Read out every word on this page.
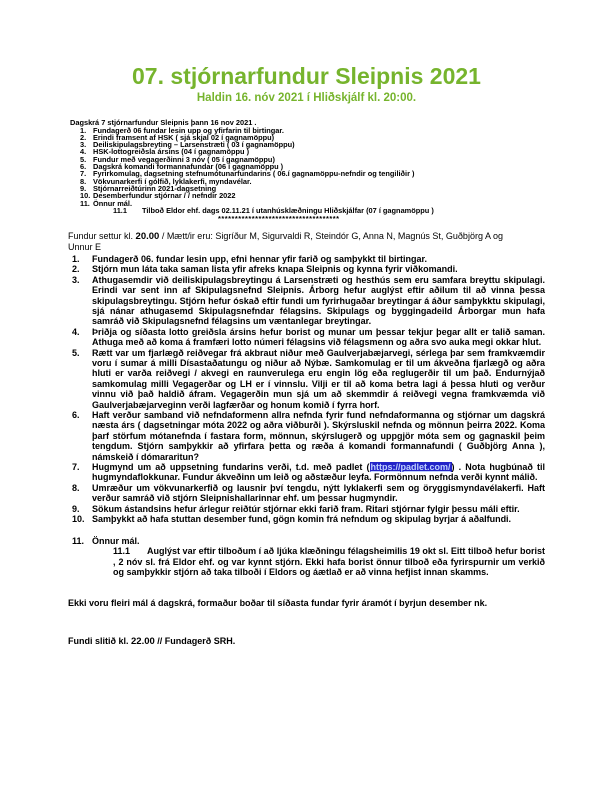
07. stjórnarfundur Sleipnis 2021
Haldin 16. nóv 2021 í Hliðskjálf kl. 20:00.
Dagskrá 7 stjórnarfundur Sleipnis þann 16 nov 2021 .
1. Fundagerð 06 fundar lesin upp og yfirfarin til birtingar.
2. Erindi framsent af HSK ( sjá skjal 02 í gagnamöppu)
3. Deiliskipulagsbreyting – Larsenstræti ( 03 í gagnamöppu)
4. HSK-lottogreiðsla ársins (04 í gagnamöppu )
5. Fundur með vegagerðinni 3 nóv ( 05 í gagnamöppu)
6. Dagskrá komandi formannafundar (06 í gagnamöppu )
7. Fyrirkomulag, dagsetning stefnumótunarfundarins ( 06.í gagnamöppu-nefndir og tengiliðir )
8. Vökvunarkerfi í gólfið, lyklakerfi, myndavélar.
9. Stjórnarreiðtúrinn 2021-dagsetning
10. Desemberfundur stjórnar / / nefndir 2022
11. Önnur mál.
11.1 Tilboð Eldor ehf. dags 02.11.21 í utanhúsklæðningu Hliðskjálfar (07 í gagnamöppu )
************************************
Fundur settur kl. 20.00 / Mætt/ir eru: Sigríður M, Sigurvaldi R, Steindór G, Anna N, Magnús St, Guðbjörg A og
Unnur E
1.	Fundagerð 06. fundar lesin upp, efni hennar yfir farið og samþykkt til birtingar.
2.	Stjórn mun láta taka saman lista yfir afreks knapa Sleipnis og kynna fyrir viðkomandi.
3.	Athugasemdir við deiliskipulagsbreytingu á Larsenstræti og hesthús sem eru samfara breyttu skipulagi. Erindi var sent inn af Skipulagsnefnd Sleipnis. Árborg hefur auglýst eftir aðilum til að vinna þessa skipulagsbreytingu. Stjórn hefur óskað eftir fundi um fyrirhugaðar breytingar á áður samþykktu skipulagi, sjá nánar athugasemd Skipulagsnefndar félagsins. Skipulags og byggingadeild Árborgar mun hafa samráð við Skipulagsnefnd félagsins um væntanlegar breytingar.
4.	Þriðja og síðasta lotto greiðsla ársins hefur borist og munar um þessar tekjur þegar allt er talið saman. Athuga með að koma á framfæri lotto númeri félagsins við félagsmenn og aðra svo auka megi okkar hlut.
5.	Rætt var um fjarlægð reiðvegar frá akbraut niður með Gaulverjabæjarvegi, sérlega þar sem framkvæmdir voru í sumar á milli Dísastaðatungu og niður að Nýbæ. Samkomulag er til um ákveðna fjarlægð og aðra hluti er varða reiðvegi / akvegi en raunverulega eru engin lög eða reglugerðir til um það. Endurnýjað samkomulag milli Vegagerðar og LH er í vinnslu. Vilji er til að koma betra lagi á þessa hluti og verður vinnu við það haldið áfram. Vegagerðin mun sjá um að skemmdir á reiðvegi vegna framkvæmda við Gaulverjabæjarveginn verði lagfærðar og honum komið í fyrra horf.
6.	Haft verður samband við nefndaformenn allra nefnda fyrir fund nefndaformanna og stjórnar um dagskrá næsta árs ( dagsetningar móta 2022 og aðra viðburði ). Skýrsluskil nefnda og mönnun þeirra 2022. Koma þarf störfum mótanefnda í fastara form, mönnun, skýrslugerð og uppgjör móta sem og gagnaskil þeim tengdum. Stjórn samþykkir að yfirfara þetta og ræða á komandi formannafundi ( Guðbjörg Anna ), námskeið í dómararitun?
7.	Hugmynd um að uppsetning fundarins verði, t.d. með padlet (https://padlet.com/) . Nota hugbúnað til hugmyndaflokkunar. Fundur ákveðinn um leið og aðstæður leyfa. Formönnum nefnda verði kynnt málið.
8.	Umræður um vökvunarkerfið og lausnir því tengdu, nýtt lyklakerfi sem og öryggismyndavélakerfi. Haft verður samráð við stjórn Sleipnishallarinnar ehf. um þessar hugmyndir.
9.	Sökum ástandsins hefur árlegur reiðtúr stjórnar ekki farið fram. Ritari stjórnar fylgir þessu máli eftir.
10. Samþykkt að hafa stuttan desember fund, gögn komin frá nefndum og skipulag byrjar á aðalfundi.
11. Önnur mál.
11.1 Auglýst var eftir tilboðum í að ljúka klæðningu félagsheimilis 19 okt sl. Eitt tilboð hefur borist , 2 nóv sl. frá Eldor ehf. og var kynnt stjórn. Ekki hafa borist önnur tilboð eða fyrirspurnir um verkið og samþykkir stjórn að taka tilboði í Eldors og áætlað er að vinna hefjist innan skamms.
Ekki voru fleiri mál á dagskrá, formaður boðar til síðasta fundar fyrir áramót í byrjun desember nk.
Fundi slitið kl. 22.00 // Fundagerð SRH.
